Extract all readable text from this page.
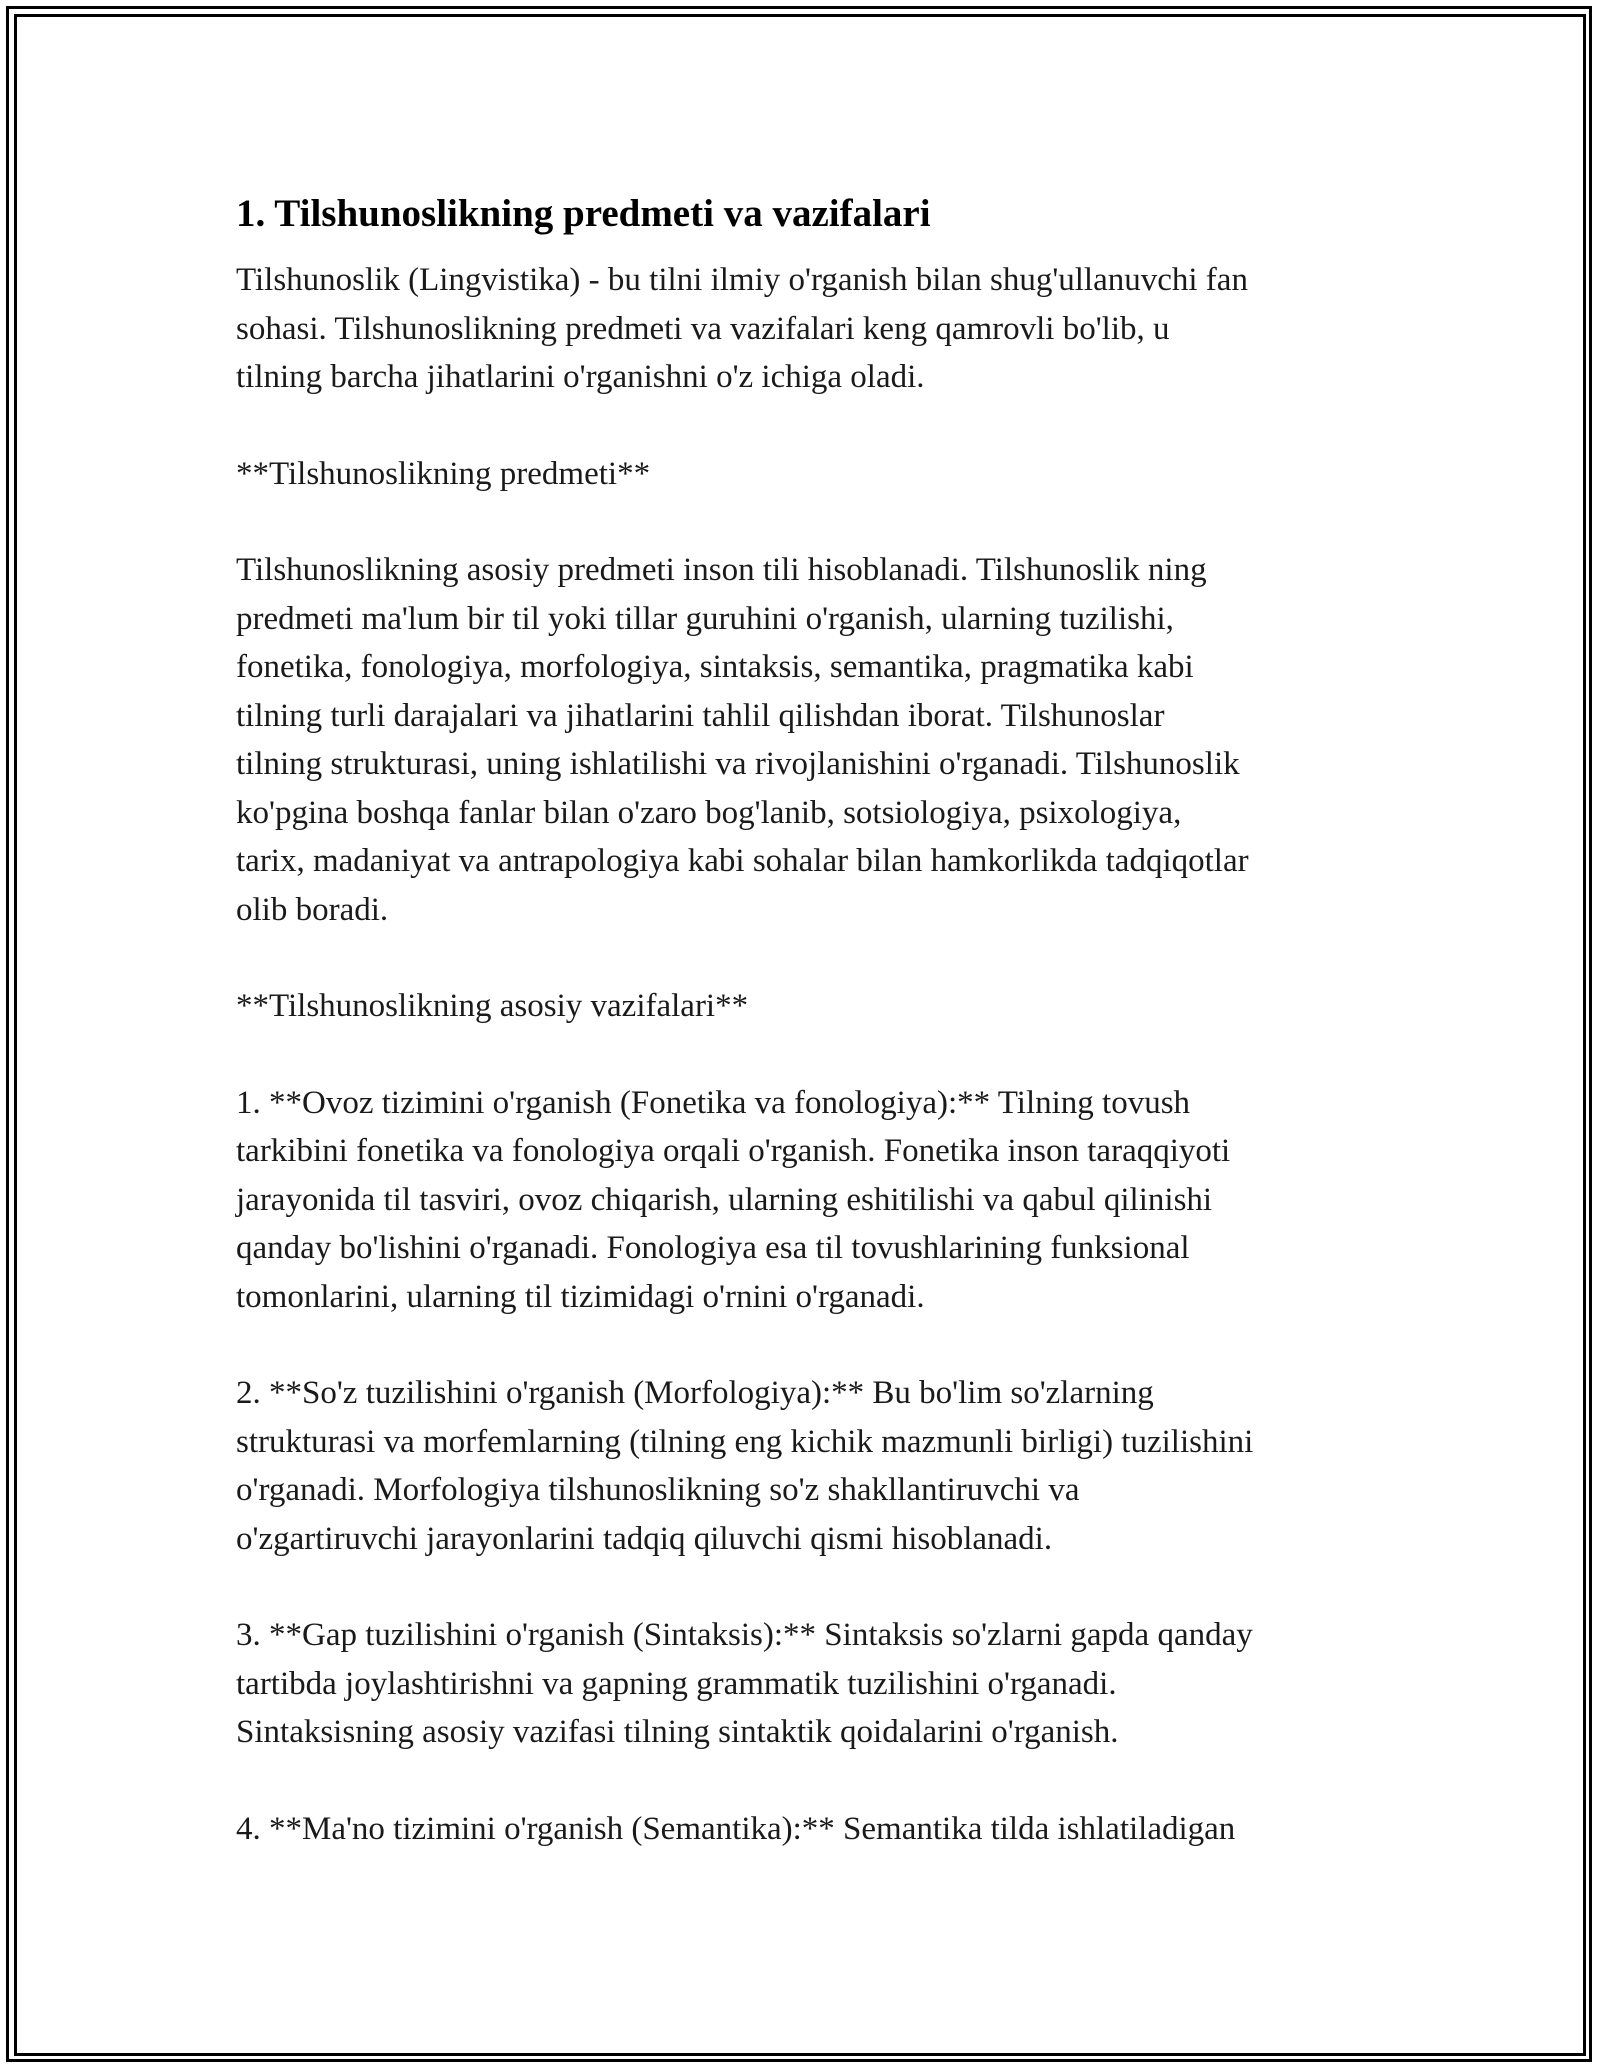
1. Tilshunoslikning predmeti va vazifalari

Tilshunoslik (Lingvistika) - bu tilni ilmiy o'rganish bilan shug'ullanuvchi fan
sohasi. Tilshunoslikning predmeti va vazifalari keng qamrovli bo'lib, u
tilning barcha jihatlarini o'rganishni o'z ichiga oladi.

**Tilshunoslikning predmeti**

Tilshunoslikning asosiy predmeti inson tili hisoblanadi. Tilshunoslik ning
predmeti ma'lum bir til yoki tillar guruhini o'rganish, ularning tuzilishi,
fonetika, fonologiya, morfologiya, sintaksis, semantika, pragmatika kabi
tilning turli darajalari va jihatlarini tahlil qilishdan iborat. Tilshunoslar
tilning strukturasi, uning ishlatilishi va rivojlanishini o'rganadi. Tilshunoslik
ko'pgina boshqa fanlar bilan o'zaro bog'lanib, sotsiologiya, psixologiya,
tarix, madaniyat va antrapologiya kabi sohalar bilan hamkorlikda tadqiqotlar
olib boradi.

**Tilshunoslikning asosiy vazifalari**

1. **Ovoz tizimini o'rganish (Fonetika va fonologiya):** Tilning tovush
tarkibini fonetika va fonologiya orqali o'rganish. Fonetika inson taraqqiyoti
jarayonida til tasviri, ovoz chiqarish, ularning eshitilishi va qabul qilinishi
qanday bo'lishini o'rganadi. Fonologiya esa til tovushlarining funksional
tomonlarini, ularning til tizimidagi o'rnini o'rganadi.

2. **So'z tuzilishini o'rganish (Morfologiya):** Bu bo'lim so'zlarning
strukturasi va morfemlarning (tilning eng kichik mazmunli birligi) tuzilishini
o'rganadi. Morfologiya tilshunoslikning so'z shakllantiruvchi va
o'zgartiruvchi jarayonlarini tadqiq qiluvchi qismi hisoblanadi.

3. **Gap tuzilishini o'rganish (Sintaksis):** Sintaksis so'zlarni gapda qanday
tartibda joylashtirishni va gapning grammatik tuzilishini o'rganadi.
Sintaksisning asosiy vazifasi tilning sintaktik qoidalarini o'rganish.

4. **Ma'no tizimini o'rganish (Semantika):** Semantika tilda ishlatiladigan
